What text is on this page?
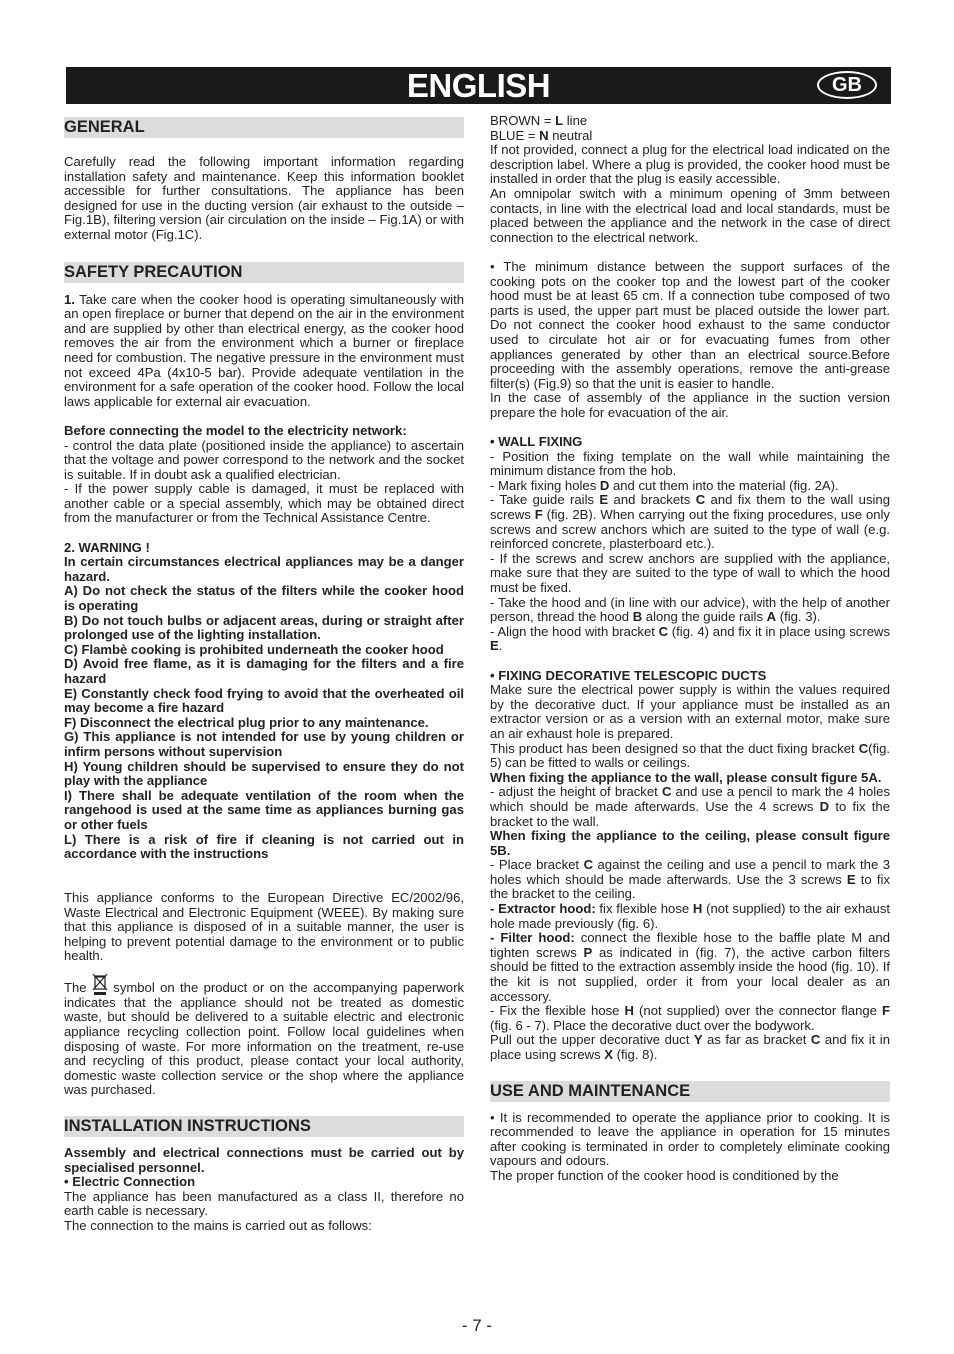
ENGLISH	GB
GENERAL

Carefully read the following important information regarding installation safety and maintenance. Keep this information booklet accessible for further consultations. The appliance has been designed for use in the ducting version (air exhaust to the outside – Fig.1B), filtering version (air circulation on the inside – Fig.1A) or with external motor (Fig.1C).

SAFETY PRECAUTION

1. Take care when the cooker hood is operating simultaneously with an open fireplace or burner that depend on the air in the environment and are supplied by other than electrical energy, as the cooker hood removes the air from the environment which a burner or fireplace need for combustion. The negative pressure in the environment must not exceed 4Pa (4x10-5 bar). Provide adequate ventilation in the environment for a safe operation of the cooker hood. Follow the local laws applicable for external air evacuation.

Before connecting the model to the electricity network:

- control the data plate (positioned inside the appliance) to ascertain that the voltage and power correspond to the network and the socket is suitable. If in doubt ask a qualified electrician.

- If the power supply cable is damaged, it must be replaced with another cable or a special assembly, which may be obtained direct from the manufacturer or from the Technical Assistance Centre.

2. WARNING !

In certain circumstances electrical appliances may be a danger hazard.

A) Do not check the status of the filters while the cooker hood is operating

B) Do not touch bulbs or adjacent areas, during or straight after prolonged use of the lighting installation.

C) Flambè cooking is prohibited underneath the cooker hood

D) Avoid free flame, as it is damaging for the filters and a fire hazard

E) Constantly check food frying to avoid that the overheated oil may become a fire hazard

F) Disconnect the electrical plug prior to any maintenance.

G) This appliance is not intended for use by young children or infirm persons without supervision

H) Young children should be supervised to ensure they do not play with the appliance

I) There shall be adequate ventilation of the room when the rangehood is used at the same time as appliances burning gas or other fuels

L) There is a risk of fire if cleaning is not carried out in accordance with the instructions

This appliance conforms to the European Directive EC/2002/96, Waste Electrical and Electronic Equipment (WEEE). By making sure that this appliance is disposed of in a suitable manner, the user is helping to prevent potential damage to the environment or to public health.

The  symbol on the product or on the accompanying paperwork indicates that the appliance should not be treated as domestic waste, but should be delivered to a suitable electric and electronic appliance recycling collection point. Follow local guidelines when disposing of waste. For more information on the treatment, re-use and recycling of this product, please contact your local authority, domestic waste collection service or the shop where the appliance was purchased.

INSTALLATION INSTRUCTIONS

Assembly and electrical connections must be carried out by specialised personnel.

• Electric Connection

The appliance has been manufactured as a class II, therefore no earth cable is necessary.

The connection to the mains is carried out as follows:

BROWN = L line

BLUE = N neutral

If not provided, connect a plug for the electrical load indicated on the description label. Where a plug is provided, the cooker hood must be installed in order that the plug is easily accessible.

An omnipolar switch with a minimum opening of 3mm between contacts, in line with the electrical load and local standards, must be placed between the appliance and the network in the case of direct connection to the electrical network.

• The minimum distance between the support surfaces of the cooking pots on the cooker top and the lowest part of the cooker hood must be at least 65 cm. If a connection tube composed of two parts is used, the upper part must be placed outside the lower part. Do not connect the cooker hood exhaust to the same conductor used to circulate hot air or for evacuating fumes from other appliances generated by other than an electrical source.Before proceeding with the assembly operations, remove the anti-grease filter(s) (Fig.9) so that the unit is easier to handle.

In the case of assembly of the appliance in the suction version prepare the hole for evacuation of the air.

• WALL FIXING

- Position the fixing template on the wall while maintaining the minimum distance from the hob.

- Mark fixing holes D and cut them into the material (fig. 2A).

- Take guide rails E and brackets C and fix them to the wall using screws F (fig. 2B). When carrying out the fixing procedures, use only screws and screw anchors which are suited to the type of wall (e.g. reinforced concrete, plasterboard etc.).

- If the screws and screw anchors are supplied with the appliance, make sure that they are suited to the type of wall to which the hood must be fixed.

- Take the hood and (in line with our advice), with the help of another person, thread the hood B along the guide rails A (fig. 3).

- Align the hood with bracket C (fig. 4) and fix it in place using screws E.

• FIXING DECORATIVE TELESCOPIC DUCTS

Make sure the electrical power supply is within the values required by the decorative duct. If your appliance must be installed as an extractor version or as a version with an external motor, make sure an air exhaust hole is prepared.

This product has been designed so that the duct fixing bracket C(fig. 5) can be fitted to walls or ceilings.

When fixing the appliance to the wall, please consult figure 5A.

- adjust the height of bracket C and use a pencil to mark the 4 holes which should be made afterwards. Use the 4 screws D to fix the bracket to the wall.

When fixing the appliance to the ceiling, please consult figure 5B.

- Place bracket C against the ceiling and use a pencil to mark the 3 holes which should be made afterwards. Use the 3 screws E to fix the bracket to the ceiling.

- Extractor hood: fix flexible hose H (not supplied) to the air exhaust hole made previously (fig. 6).

- Filter hood: connect the flexible hose to the baffle plate M and tighten screws P as indicated in (fig. 7), the active carbon filters should be fitted to the extraction assembly inside the hood (fig. 10). If the kit is not supplied, order it from your local dealer as an accessory.

- Fix the flexible hose H (not supplied) over the connector flange F (fig. 6 - 7). Place the decorative duct over the bodywork.

Pull out the upper decorative duct Y as far as bracket C and fix it in place using screws X (fig. 8).

USE AND MAINTENANCE

• It is recommended to operate the appliance prior to cooking. It is recommended to leave the appliance in operation for 15 minutes after cooking is terminated in order to completely eliminate cooking vapours and odours.

The proper function of the cooker hood is conditioned by the

- 7 -
